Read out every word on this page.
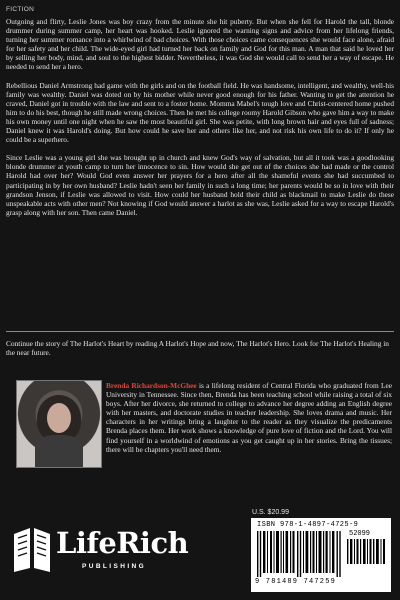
FICTION

Outgoing and flirty, Leslie Jones was boy crazy from the minute she hit puberty. But when she fell for Harold the tall, blonde drummer during summer camp, her heart was hooked. Leslie ignored the warning signs and advice from her lifelong friends, turning her summer romance into a whirlwind of bad choices. With those choices came consequences she would face alone, afraid for her safety and her child. The wide-eyed girl had turned her back on family and God for this man. A man that said he loved her by selling her body, mind, and soul to the highest bidder. Nevertheless, it was God she would call to send her a way of escape. He needed to send her a hero.

Rebellious Daniel Armstrong had game with the girls and on the football field. He was handsome, intelligent, and wealthy, well-his family was wealthy. Daniel was doted on by his mother while never good enough for his father. Wanting to get the attention he craved, Daniel got in trouble with the law and sent to a foster home. Momma Mabel's tough love and Christ-centered home pushed him to do his best, though he still made wrong choices. Then he met his college roomy Harold Gibson who gave him a way to make his own money until one night when he saw the most beautiful girl. She was petite, with long brown hair and eyes full of sadness; Daniel knew it was Harold's doing. But how could he save her and others like her, and not risk his own life to do it? If only he could be a superhero.

Since Leslie was a young girl she was brought up in church and knew God's way of salvation, but all it took was a goodlooking blonde drummer at youth camp to turn her innocence to sin. How would she get out of the choices she had made or the control Harold had over her? Would God even answer her prayers for a hero after all the shameful events she had succumbed to participating in by her own husband? Leslie hadn't seen her family in such a long time; her parents would be so in love with their grandson Jenson, if Leslie was allowed to visit. How could her husband hold their child as blackmail to make Leslie do these unspeakable acts with other men? Not knowing if God would answer a harlot as she was, Leslie asked for a way to escape Harold's grasp along with her son. Then came Daniel.

Continue the story of The Harlot's Heart by reading A Harlot's Hope and now, The Harlot's Hero. Look for The Harlot's Healing in the near future.
Brenda Richardson-McGhee is a lifelong resident of Central Florida who graduated from Lee University in Tennessee. Since then, Brenda has been teaching school while raising a total of six boys. After her divorce, she returned to college to advance her degree adding an English degree with her masters, and doctorate studies in teacher leadership. She loves drama and music. Her characters in her writings bring a laughter to the reader as they visualize the predicaments Brenda places them. Her work shows a knowledge of pure love of fiction and the Lord. You will find yourself in a worldwind of emotions as you get caught up in her stories. Bring the tissues; there will be chapters you'll need them.
LifeRich
PUBLISHING
U.S. $20.99
ISBN 978-1-4897-4725-9
52099
9 781489 747259
